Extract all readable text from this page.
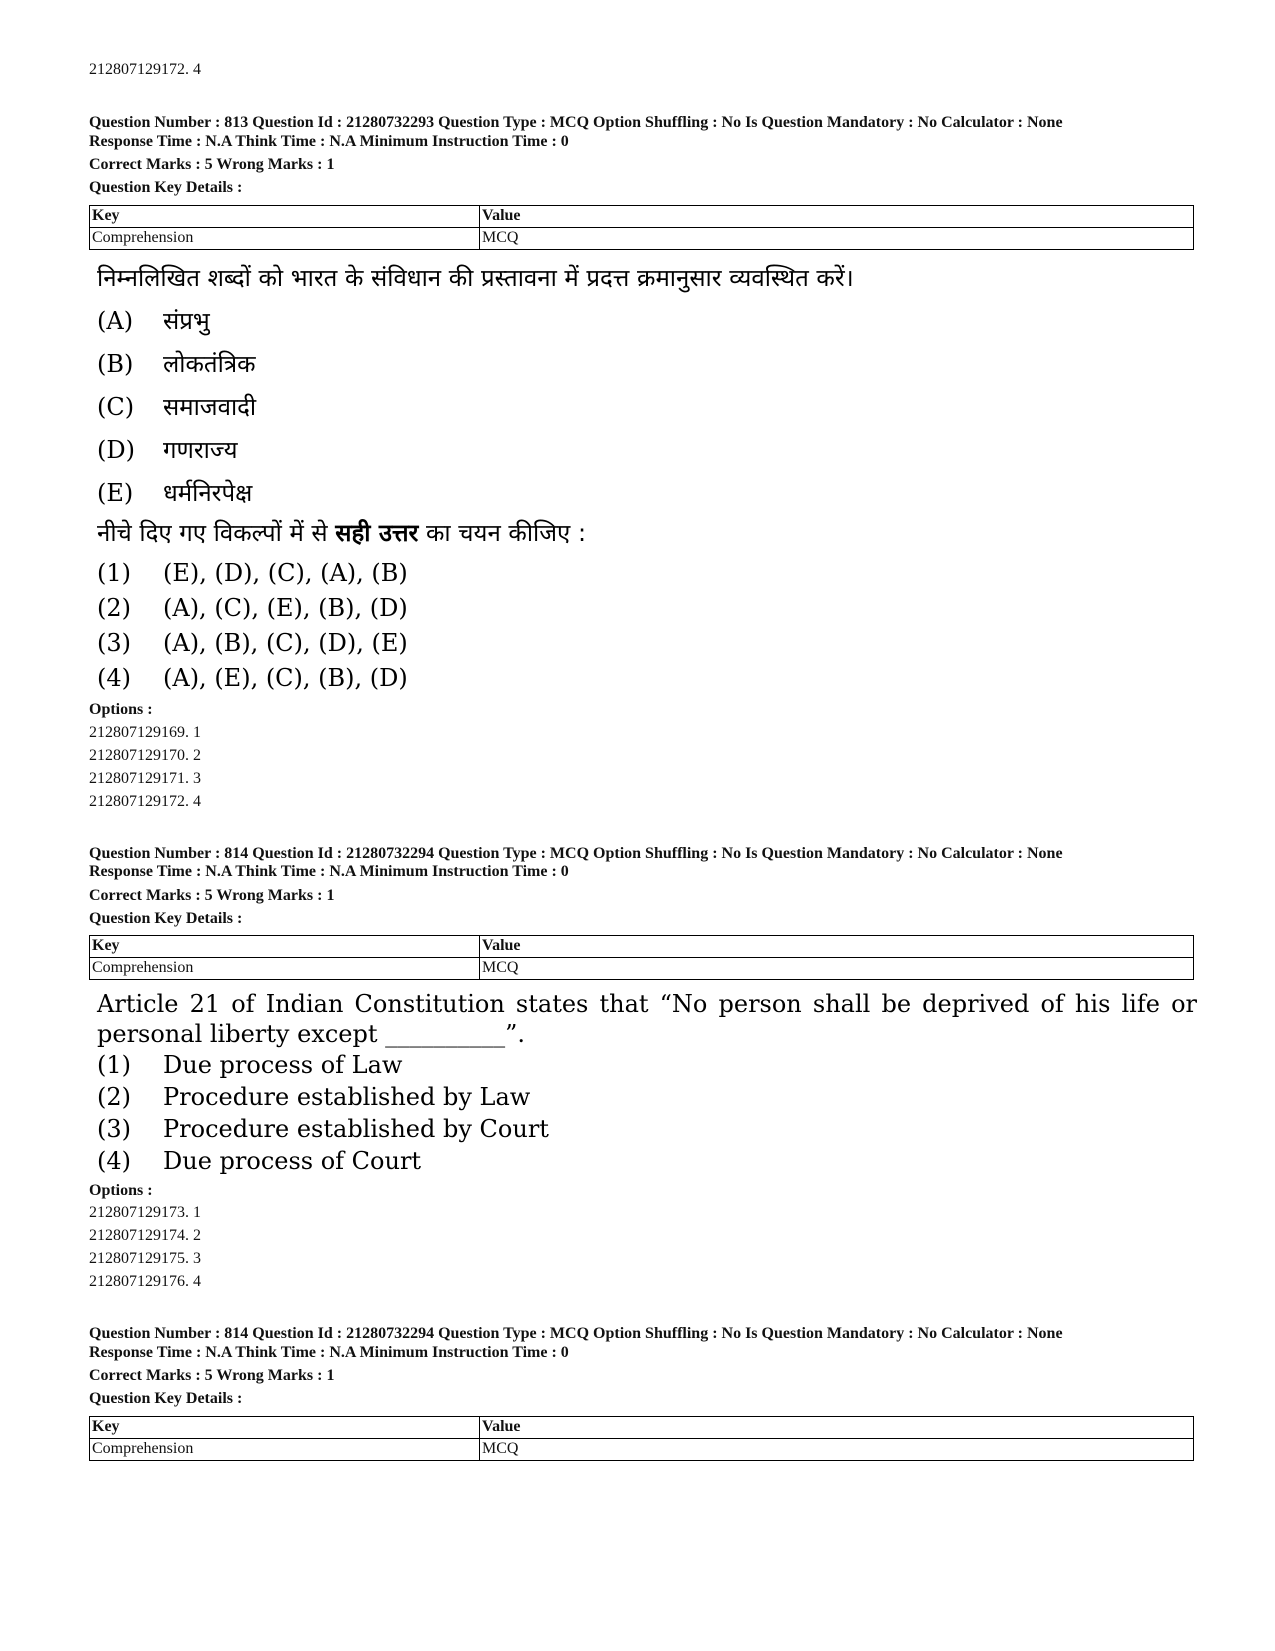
212807129172. 4
Question Number : 813 Question Id : 21280732293 Question Type : MCQ Option Shuffling : No Is Question Mandatory : No Calculator : None
Response Time : N.A Think Time : N.A Minimum Instruction Time : 0
Correct Marks : 5 Wrong Marks : 1
Question Key Details :
Key	Value
Comprehension	MCQ
निम्नलिखित शब्दों को भारत के संविधान की प्रस्तावना में प्रदत्त क्रमानुसार व्यवस्थित करें।
(A) संप्रभु
(B) लोकतंत्रिक
(C) समाजवादी
(D) गणराज्य
(E) धर्मनिरपेक्ष
नीचे दिए गए विकल्पों में से सही उत्तर का चयन कीजिए :
(1) (E), (D), (C), (A), (B)
(2) (A), (C), (E), (B), (D)
(3) (A), (B), (C), (D), (E)
(4) (A), (E), (C), (B), (D)
Options :
212807129169. 1
212807129170. 2
212807129171. 3
212807129172. 4
Question Number : 814 Question Id : 21280732294 Question Type : MCQ Option Shuffling : No Is Question Mandatory : No Calculator : None
Response Time : N.A Think Time : N.A Minimum Instruction Time : 0
Correct Marks : 5 Wrong Marks : 1
Question Key Details :
Key	Value
Comprehension	MCQ
Article 21 of Indian Constitution states that “No person shall be deprived of his life or personal liberty except __________”.
(1) Due process of Law
(2) Procedure established by Law
(3) Procedure established by Court
(4) Due process of Court
Options :
212807129173. 1
212807129174. 2
212807129175. 3
212807129176. 4
Question Number : 814 Question Id : 21280732294 Question Type : MCQ Option Shuffling : No Is Question Mandatory : No Calculator : None
Response Time : N.A Think Time : N.A Minimum Instruction Time : 0
Correct Marks : 5 Wrong Marks : 1
Question Key Details :
Key	Value
Comprehension	MCQ
